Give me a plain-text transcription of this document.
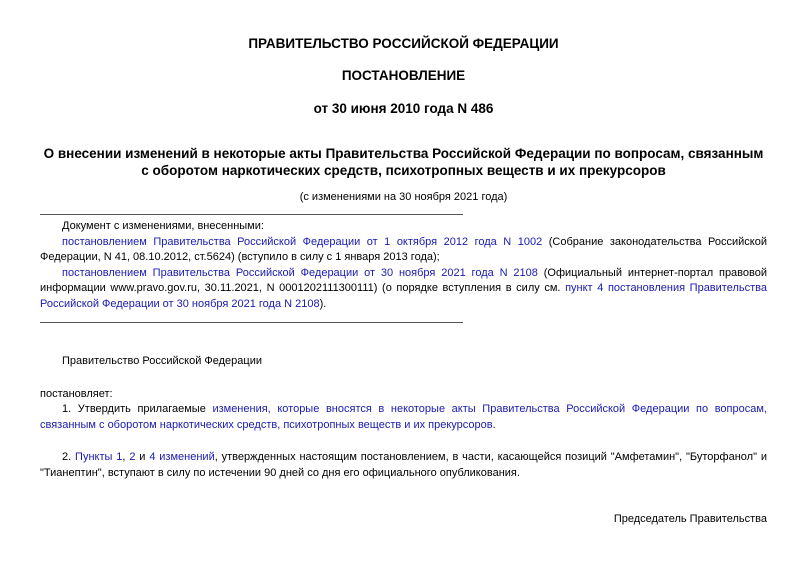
ПРАВИТЕЛЬСТВО РОССИЙСКОЙ ФЕДЕРАЦИИ
ПОСТАНОВЛЕНИЕ
от 30 июня 2010 года N 486
О внесении изменений в некоторые акты Правительства Российской Федерации по вопросам, связанным с оборотом наркотических средств, психотропных веществ и их прекурсоров
(с изменениями на 30 ноября 2021 года)
Документ с изменениями, внесенными:
постановлением Правительства Российской Федерации от 1 октября 2012 года N 1002 (Собрание законодательства Российской Федерации, N 41, 08.10.2012, ст.5624) (вступило в силу с 1 января 2013 года);
постановлением Правительства Российской Федерации от 30 ноября 2021 года N 2108 (Официальный интернет-портал правовой информации www.pravo.gov.ru, 30.11.2021, N 0001202111300111) (о порядке вступления в силу см. пункт 4 постановления Правительства Российской Федерации от 30 ноября 2021 года N 2108).
Правительство Российской Федерации
постановляет:
1. Утвердить прилагаемые изменения, которые вносятся в некоторые акты Правительства Российской Федерации по вопросам, связанным с оборотом наркотических средств, психотропных веществ и их прекурсоров.
2. Пункты 1, 2 и 4 изменений, утвержденных настоящим постановлением, в части, касающейся позиций "Амфетамин", "Буторфанол" и "Тианептин", вступают в силу по истечении 90 дней со дня его официального опубликования.
Председатель Правительства
